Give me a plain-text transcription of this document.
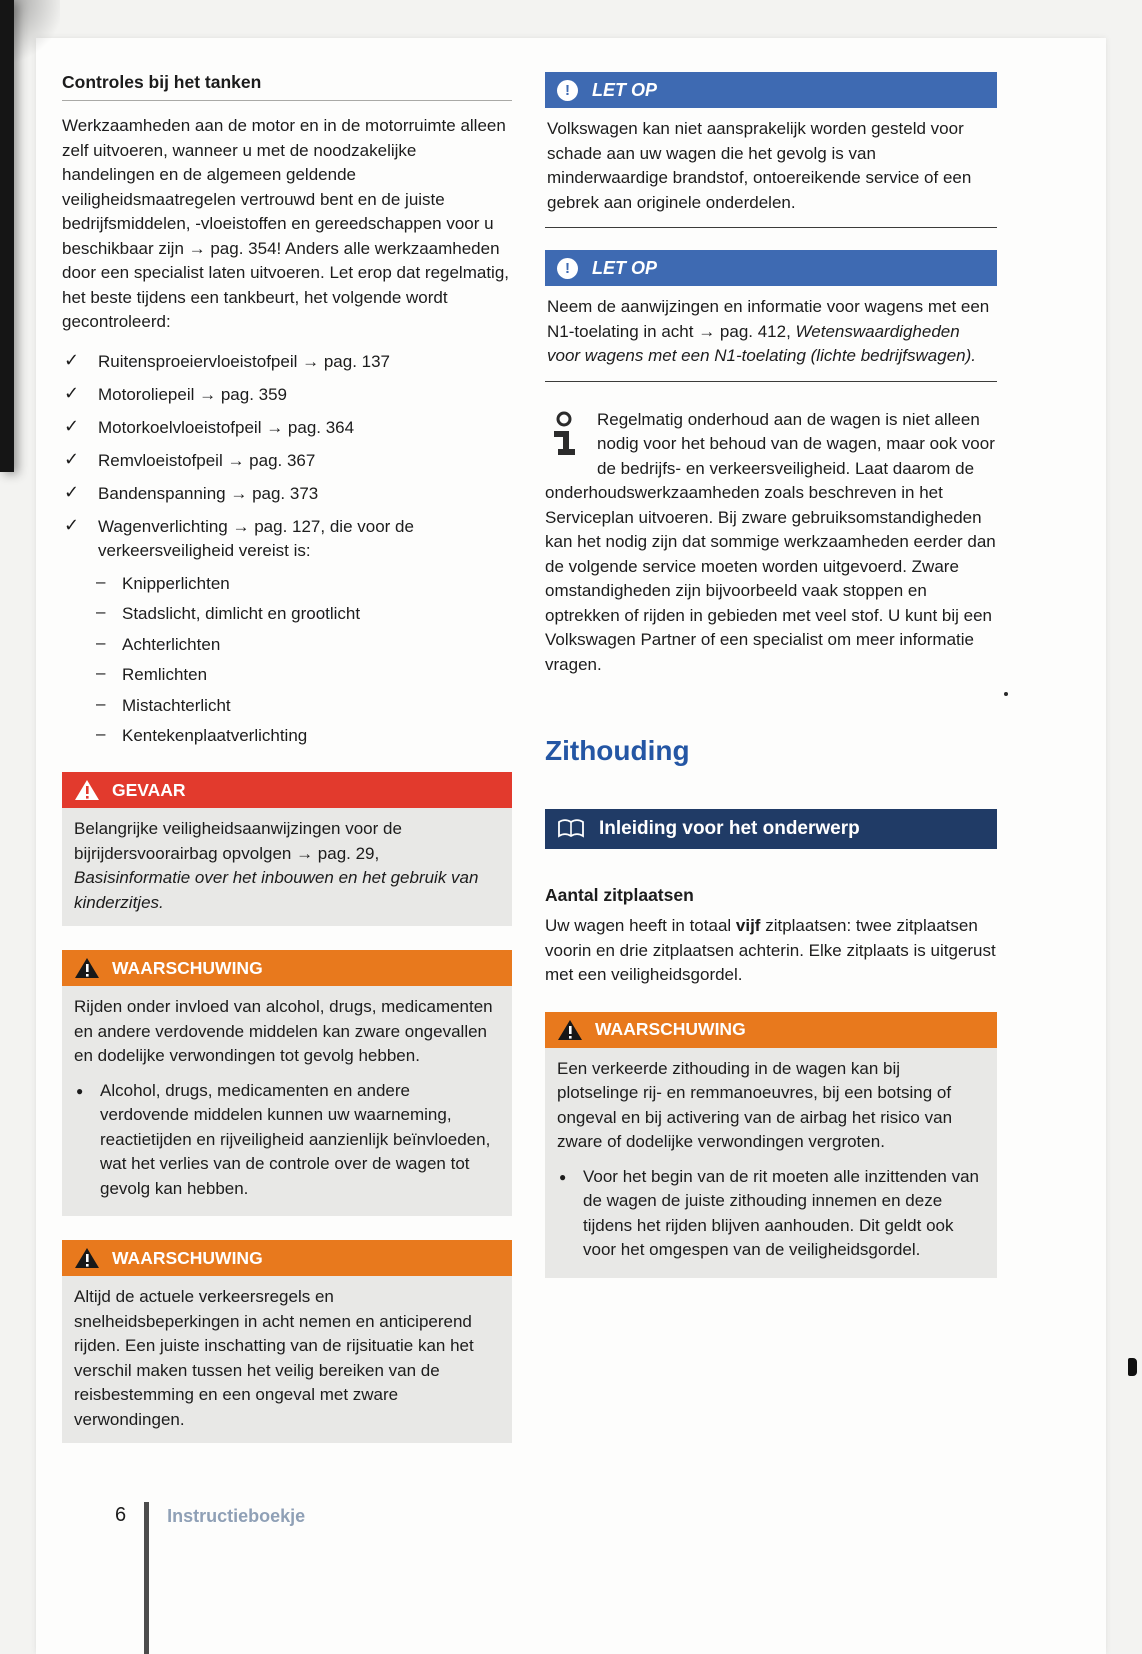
Controles bij het tanken

Werkzaamheden aan de motor en in de motorruimte alleen zelf uitvoeren, wanneer u met de noodzakelijke handelingen en de algemeen geldende veiligheidsmaatregelen vertrouwd bent en de juiste bedrijfsmiddelen, -vloeistoffen en gereedschappen voor u beschikbaar zijn → pag. 354! Anders alle werkzaamheden door een specialist laten uitvoeren. Let erop dat regelmatig, het beste tijdens een tankbeurt, het volgende wordt gecontroleerd:

✓ Ruitensproeiervloeistofpeil → pag. 137
✓ Motoroliepeil → pag. 359
✓ Motorkoelvloeistofpeil → pag. 364
✓ Remvloeistofpeil → pag. 367
✓ Bandenspanning → pag. 373
✓ Wagenverlichting → pag. 127, die voor de verkeersveiligheid vereist is:
– Knipperlichten
– Stadslicht, dimlicht en grootlicht
– Achterlichten
– Remlichten
– Mistachterlicht
– Kentekenplaatverlichting
GEVAAR

Belangrijke veiligheidsaanwijzingen voor de bijrijdersvoorairbag opvolgen → pag. 29, Basisinformatie over het inbouwen en het gebruik van kinderzitjes.

WAARSCHUWING

Rijden onder invloed van alcohol, drugs, medicamenten en andere verdovende middelen kan zware ongevallen en dodelijke verwondingen tot gevolg hebben.

● Alcohol, drugs, medicamenten en andere verdovende middelen kunnen uw waarneming, reactietijden en rijveiligheid aanzienlijk beïnvloeden, wat het verlies van de controle over de wagen tot gevolg kan hebben.
WAARSCHUWING

Altijd de actuele verkeersregels en snelheidsbeperkingen in acht nemen en anticiperend rijden. Een juiste inschatting van de rijsituatie kan het verschil maken tussen het veilig bereiken van de reisbestemming en een ongeval met zware verwondingen.

!	LET OP

Volkswagen kan niet aansprakelijk worden gesteld voor schade aan uw wagen die het gevolg is van minderwaardige brandstof, ontoereikende service of een gebrek aan originele onderdelen.

!	LET OP

Neem de aanwijzingen en informatie voor wagens met een N1-toelating in acht → pag. 412, Wetenswaardigheden voor wagens met een N1-toelating (lichte bedrijfswagen).

Regelmatig onderhoud aan de wagen is niet alleen nodig voor het behoud van de wagen, maar ook voor de bedrijfs- en verkeersveiligheid. Laat daarom de onderhoudswerkzaamheden zoals beschreven in het Serviceplan uitvoeren. Bij zware gebruiksomstandigheden kan het nodig zijn dat sommige werkzaamheden eerder dan de volgende service moeten worden uitgevoerd. Zware omstandigheden zijn bijvoorbeeld vaak stoppen en optrekken of rijden in gebieden met veel stof. U kunt bij een Volkswagen Partner of een specialist om meer informatie vragen.
Zithouding
Inleiding voor het onderwerp
Aantal zitplaatsen

Uw wagen heeft in totaal vijf zitplaatsen: twee zitplaatsen voorin en drie zitplaatsen achterin. Elke zitplaats is uitgerust met een veiligheidsgordel.

WAARSCHUWING

Een verkeerde zithouding in de wagen kan bij plotselinge rij- en remmanoeuvres, bij een botsing of ongeval en bij activering van de airbag het risico van zware of dodelijke verwondingen vergroten.

● Voor het begin van de rit moeten alle inzittenden van de wagen de juiste zithouding innemen en deze tijdens het rijden blijven aanhouden. Dit geldt ook voor het omgespen van de veiligheidsgordel.
6 Instructieboekje
